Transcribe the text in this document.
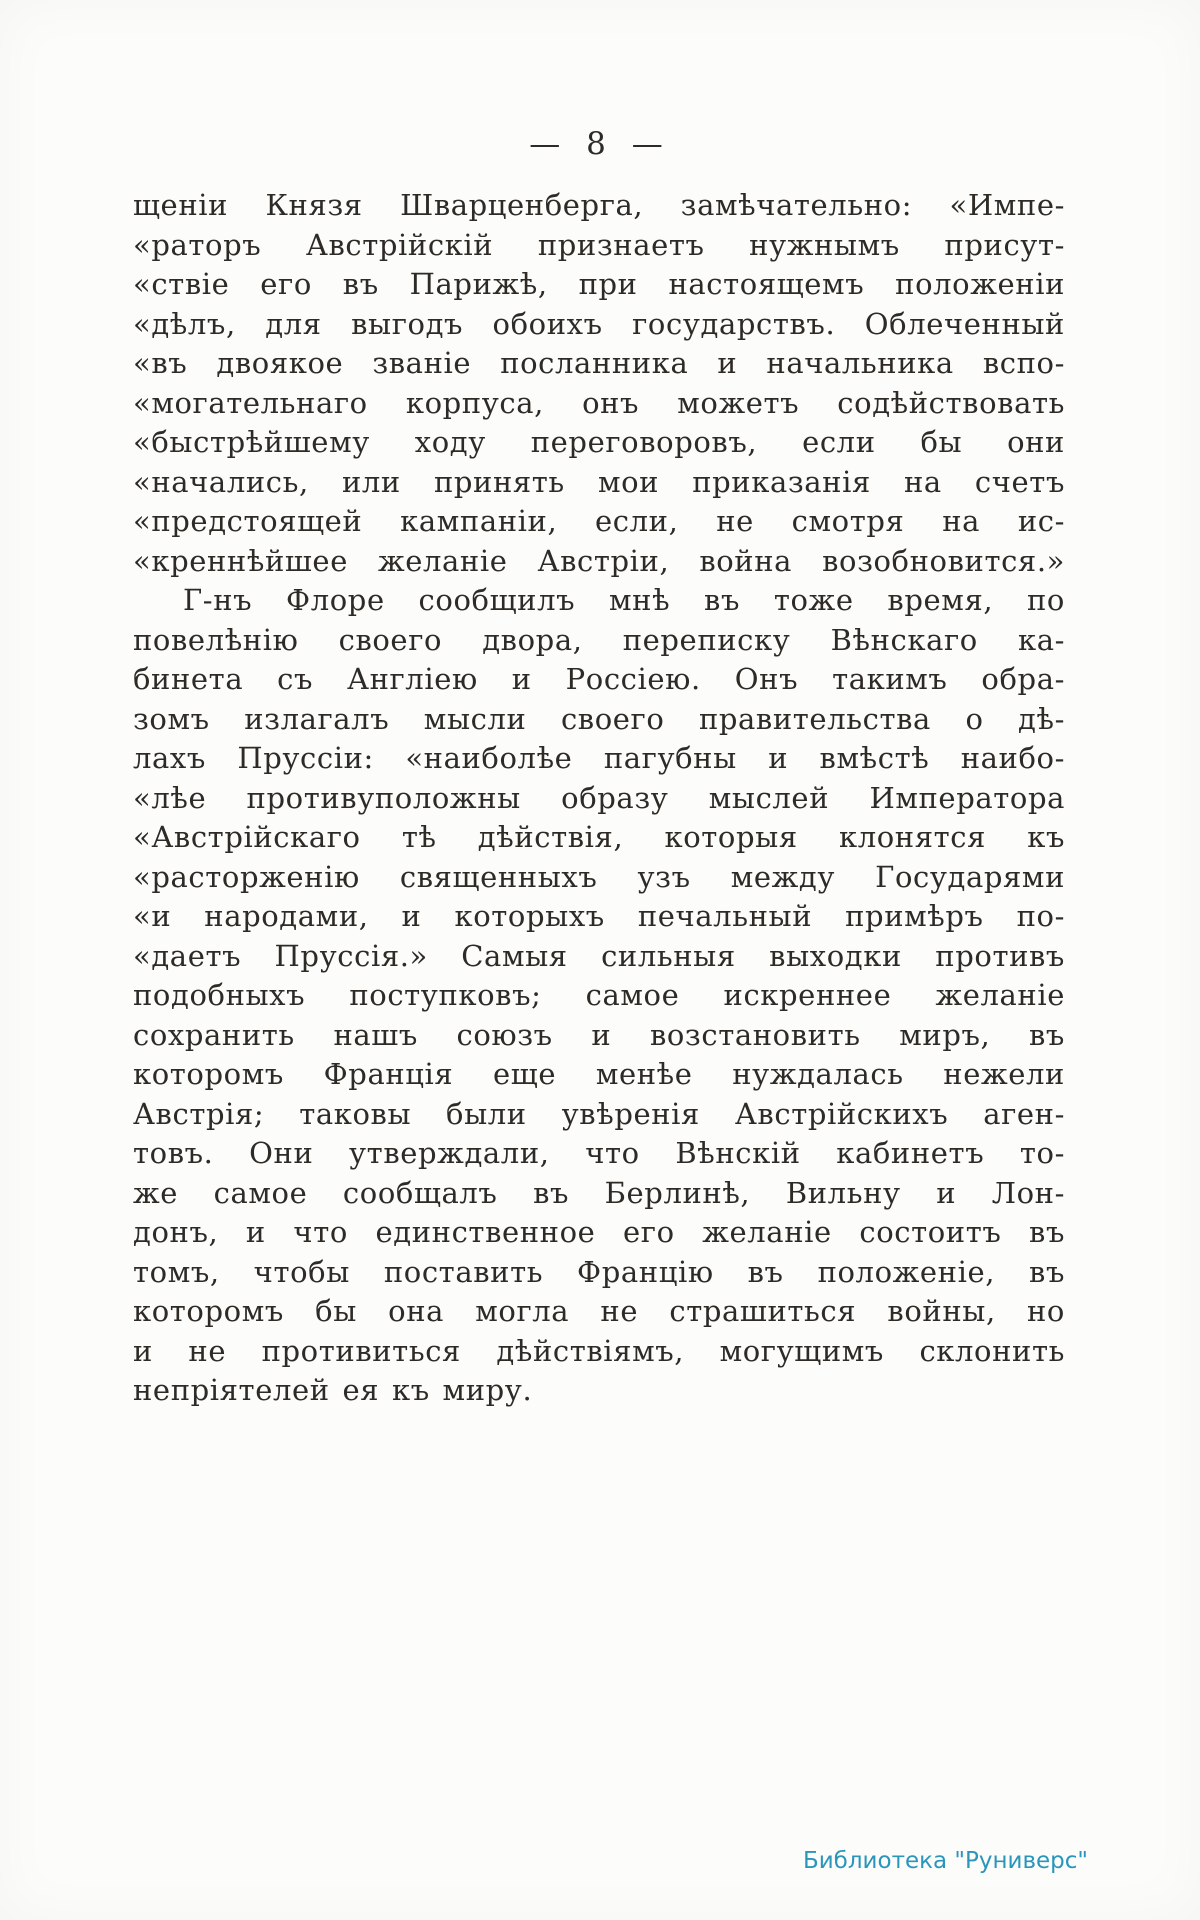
— 8 —
щеніи Князя Шварценберга, замѣчательно: «Импе-
«раторъ Австрійскій признаетъ нужнымъ присут-
«ствіе его въ Парижѣ, при настоящемъ положеніи
«дѣлъ, для выгодъ обоихъ государствъ. Облеченный
«въ двоякое званіе посланника и начальника вспо-
«могательнаго корпуса, онъ можетъ содѣйствовать
«быстрѣйшему ходу переговоровъ, если бы они
«начались, или принять мои приказанія на счетъ
«предстоящей кампаніи, если, не смотря на ис-
«креннѣйшее желаніе Австріи, война возобновится.»
Г-нъ Флоре сообщилъ мнѣ въ тоже время, по
повелѣнію своего двора, переписку Вѣнскаго ка-
бинета съ Англіею и Россіею. Онъ такимъ обра-
зомъ излагалъ мысли своего правительства о дѣ-
лахъ Пруссіи: «наиболѣе пагубны и вмѣстѣ наибо-
«лѣе противуположны образу мыслей Императора
«Австрійскаго тѣ дѣйствія, которыя клонятся къ
«расторженію священныхъ узъ между Государями
«и народами, и которыхъ печальный примѣръ по-
«даетъ Пруссія.» Самыя сильныя выходки противъ
подобныхъ поступковъ; самое искреннее желаніе
сохранить нашъ союзъ и возстановить миръ, въ
которомъ Франція еще менѣе нуждалась нежели
Австрія; таковы были увѣренія Австрійскихъ аген-
товъ. Они утверждали, что Вѣнскій кабинетъ то-
же самое сообщалъ въ Берлинѣ, Вильну и Лон-
донъ, и что единственное его желаніе состоитъ въ
томъ, чтобы поставить Францію въ положеніе, въ
которомъ бы она могла не страшиться войны, но
и не противиться дѣйствіямъ, могущимъ склонить
непріятелей ея къ миру.
Библиотека "Руниверс"
